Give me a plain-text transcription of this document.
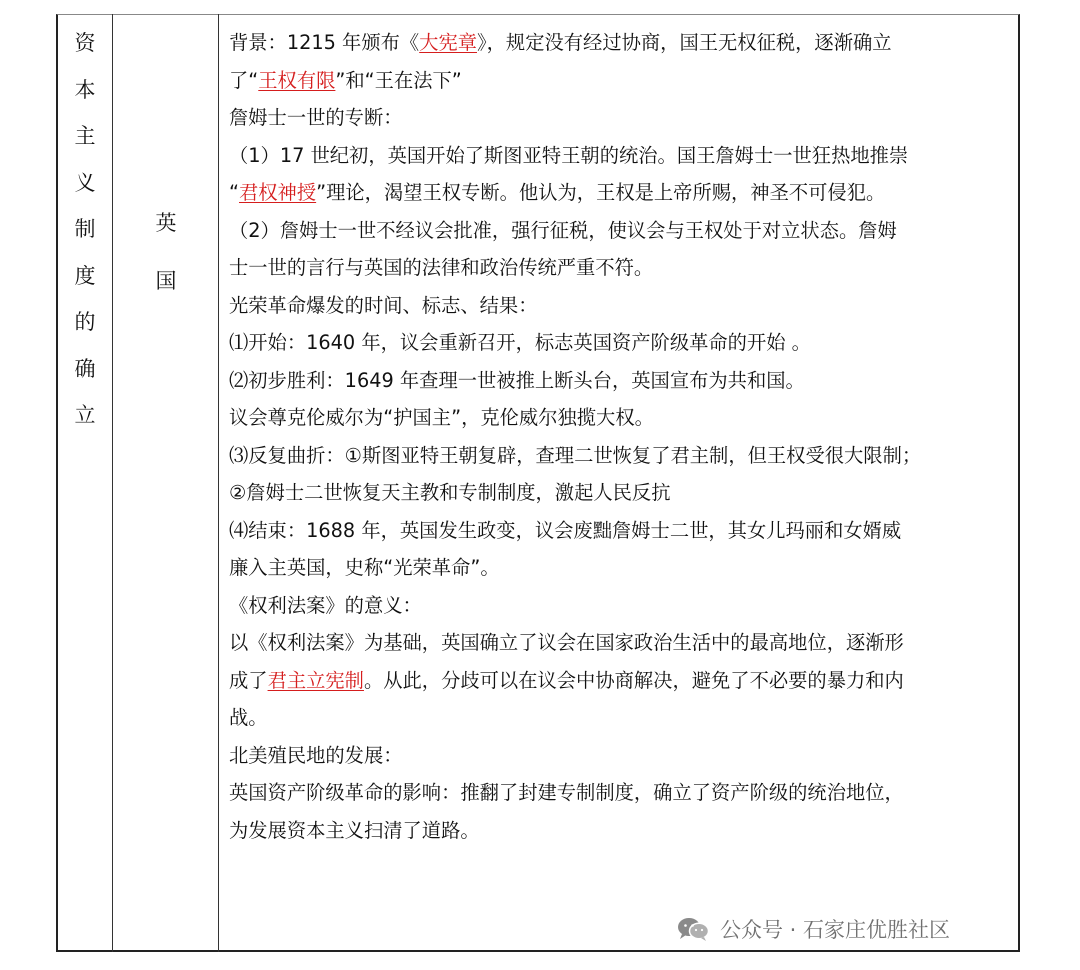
资
本
主
义
制
度
的
确
立
英
国
背景：1215 年颁布《大宪章》，规定没有经过协商，国王无权征税，逐渐确立
了“王权有限”和“王在法下”
詹姆士一世的专断：
（1）17 世纪初，英国开始了斯图亚特王朝的统治。国王詹姆士一世狂热地推崇
“君权神授”理论，渴望王权专断。他认为，王权是上帝所赐，神圣不可侵犯。
（2）詹姆士一世不经议会批准，强行征税，使议会与王权处于对立状态。詹姆
士一世的言行与英国的法律和政治传统严重不符。
光荣革命爆发的时间、标志、结果：
⑴开始：1640 年，议会重新召开，标志英国资产阶级革命的开始 。
⑵初步胜利：1649 年查理一世被推上断头台，英国宣布为共和国。
议会尊克伦威尔为“护国主”，克伦威尔独揽大权。
⑶反复曲折：①斯图亚特王朝复辟，查理二世恢复了君主制，但王权受很大限制；
②詹姆士二世恢复天主教和专制制度，激起人民反抗
⑷结束：1688 年，英国发生政变，议会废黜詹姆士二世，其女儿玛丽和女婿威
廉入主英国，史称“光荣革命”。
《权利法案》的意义：
以《权利法案》为基础，英国确立了议会在国家政治生活中的最高地位，逐渐形
成了君主立宪制。从此，分歧可以在议会中协商解决，避免了不必要的暴力和内
战。
北美殖民地的发展：
英国资产阶级革命的影响：推翻了封建专制制度，确立了资产阶级的统治地位，
为发展资本主义扫清了道路。
公众号 · 石家庄优胜社区
